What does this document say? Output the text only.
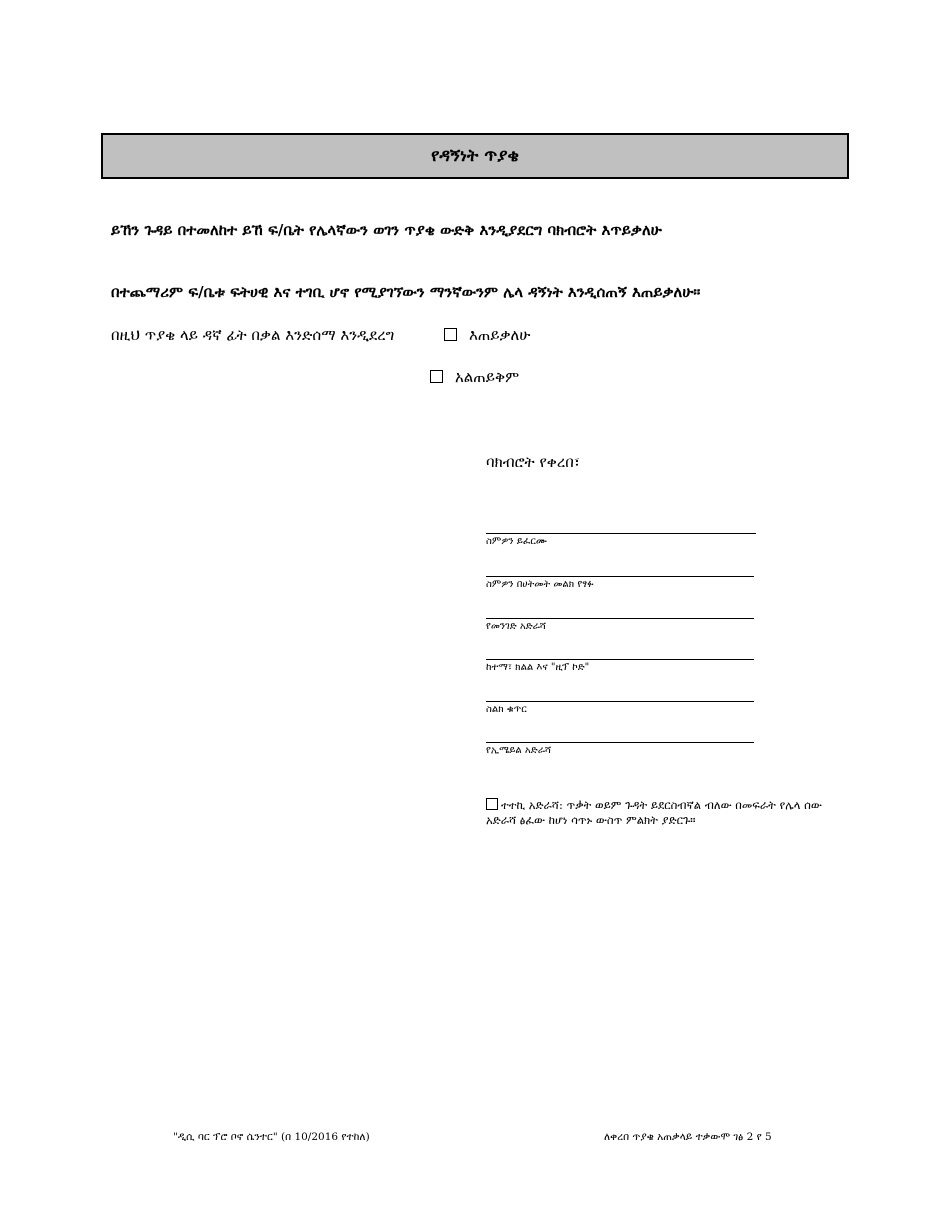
የዳኝነት ጥያቄ
ይኸን ጉዳይ በተመለከተ ይኸ ፍ/ቤት የሌላኛውን ወገን ጥያቄ ውድቅ እንዲያደርግ ባክብሮት እጥይቃለሁ
በተጨማሪም ፍ/ቤቱ ፍትሀዊ እና ተገቢ ሆኖ የሚያገኘውን ማንኛውንም ሌላ ዳኝነት እንዲሰጠኝ እጠይቃለሁ።
በዚህ ጥያቄ ላይ ዳኛ ፊት በቃል እንድሰማ እንዲደረግ	እጠይቃለሁ
አልጠይቅም
ባክብሮት የቀረበ፣
ስምዎን ይፈርሙ
ስምዎን በሀትመት መልክ የፃፉ
የመንገድ አድራሻ
ከተማ፣ ክልል እና "ዚፕ ኮድ"
ስልክ ቁጥር
የኢሜይል አድራሻ
ተተኪ አድራሻ: ጥቃት ወይም ጉዳት ይደርስብኛል ብለው በመፍራት የሌላ ሰው አድራሻ ፅፈው ከሆነ ሳጥኑ ውስጥ ምልክት ያድርጉ።
"ዲሲ ባር ፕሮ ቦኖ ሴንተር" (በ 10/2016 የተከለ)	ለቀረበ ጥያቄ አጠቃላይ ተቃውሞ ገፅ 2 የ 5
